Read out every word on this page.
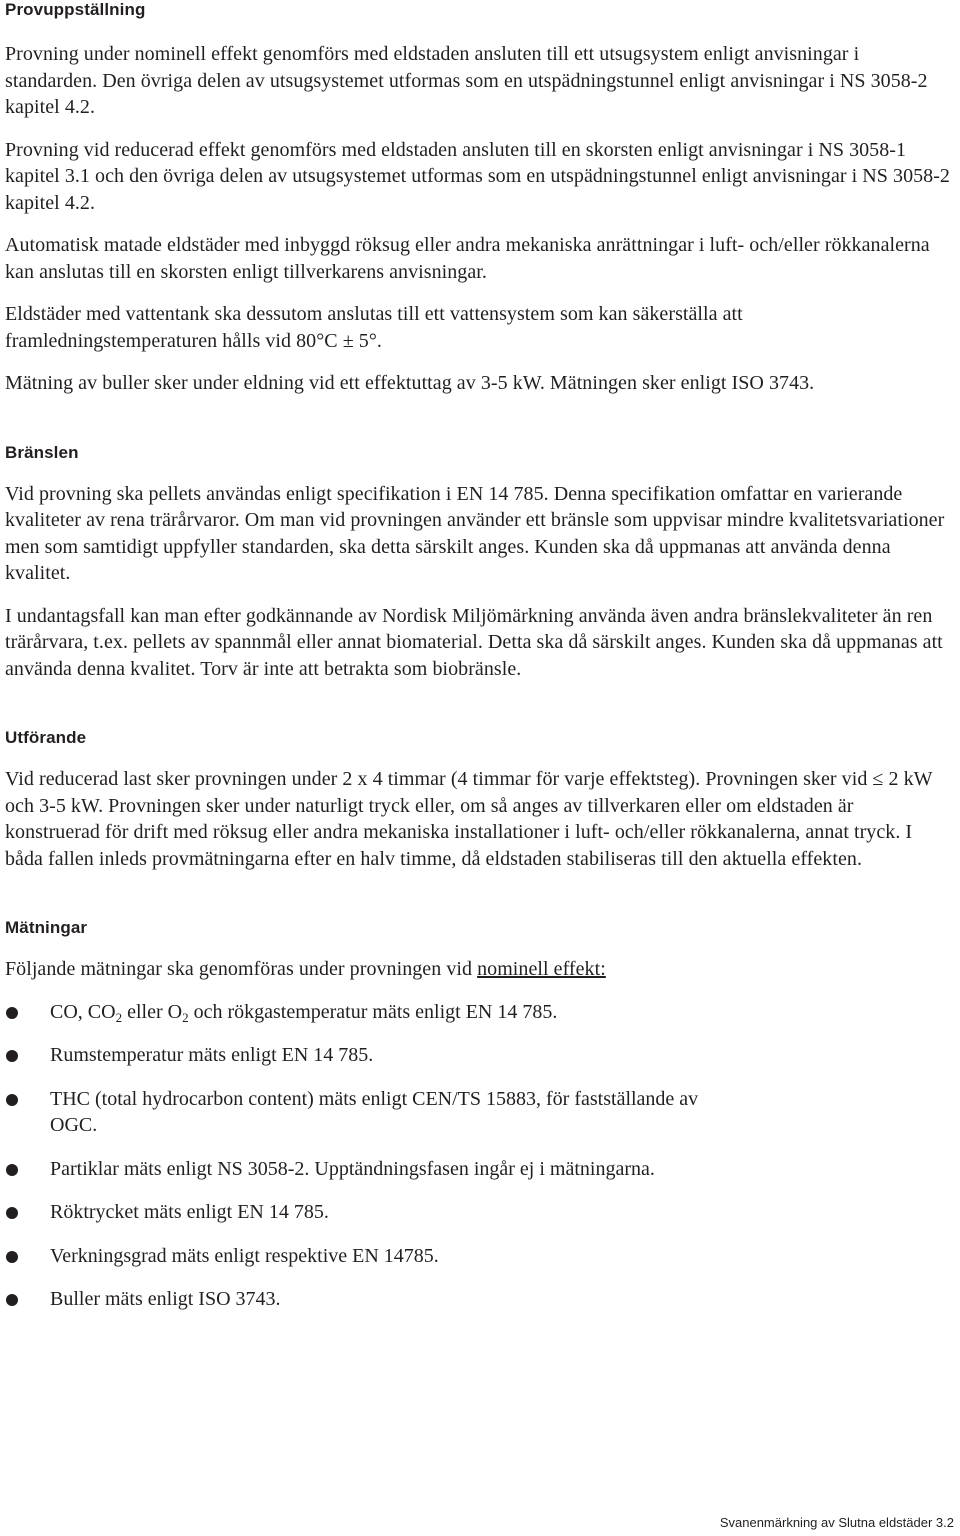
Provuppställning

Provning under nominell effekt genomförs med eldstaden ansluten till ett utsugsystem enligt anvisningar i standarden. Den övriga delen av utsugsystemet utformas som en utspädningstunnel enligt anvisningar i NS 3058-2 kapitel 4.2.

Provning vid reducerad effekt genomförs med eldstaden ansluten till en skorsten enligt anvisningar i NS 3058-1 kapitel 3.1 och den övriga delen av utsugsystemet utformas som en utspädningstunnel enligt anvisningar i NS 3058-2 kapitel 4.2.

Automatisk matade eldstäder med inbyggd röksug eller andra mekaniska anrättningar i luft- och/eller rökkanalerna kan anslutas till en skorsten enligt tillverkarens anvisningar.

Eldstäder med vattentank ska dessutom anslutas till ett vattensystem som kan säkerställa att framledningstemperaturen hålls vid 80°C ± 5°.

Mätning av buller sker under eldning vid ett effektuttag av 3-5 kW. Mätningen sker enligt ISO 3743.

Bränslen

Vid provning ska pellets användas enligt specifikation i EN 14 785. Denna specifikation omfattar en varierande kvaliteter av rena trärårvaror. Om man vid provningen använder ett bränsle som uppvisar mindre kvalitetsvariationer men som samtidigt uppfyller standarden, ska detta särskilt anges. Kunden ska då uppmanas att använda denna kvalitet.

I undantagsfall kan man efter godkännande av Nordisk Miljömärkning använda även andra bränslekvaliteter än ren trärårvara, t.ex. pellets av spannmål eller annat biomaterial. Detta ska då särskilt anges. Kunden ska då uppmanas att använda denna kvalitet. Torv är inte att betrakta som biobränsle.

Utförande

Vid reducerad last sker provningen under 2 x 4 timmar (4 timmar för varje effektsteg). Provningen sker vid ≤ 2 kW och 3-5 kW. Provningen sker under naturligt tryck eller, om så anges av tillverkaren eller om eldstaden är konstruerad för drift med röksug eller andra mekaniska installationer i luft- och/eller rökkanalerna, annat tryck. I båda fallen inleds provmätningarna efter en halv timme, då eldstaden stabiliseras till den aktuella effekten.

Mätningar

Följande mätningar ska genomföras under provningen vid nominell effekt:

CO, $CO_2$ eller $O_2$ och rökgastemperatur mäts enligt EN 14 785.
Rumstemperatur mäts enligt EN 14 785.
THC (total hydrocarbon content) mäts enligt CEN/TS 15883, för fastställande av OGC.
Partiklar mäts enligt NS 3058-2. Upptändningsfasen ingår ej i mätningarna.
Röktrycket mäts enligt EN 14 785.
Verkningsgrad mäts enligt respektive EN 14785.
Buller mäts enligt ISO 3743.
Svanenmärkning av Slutna eldstäder 3.2
